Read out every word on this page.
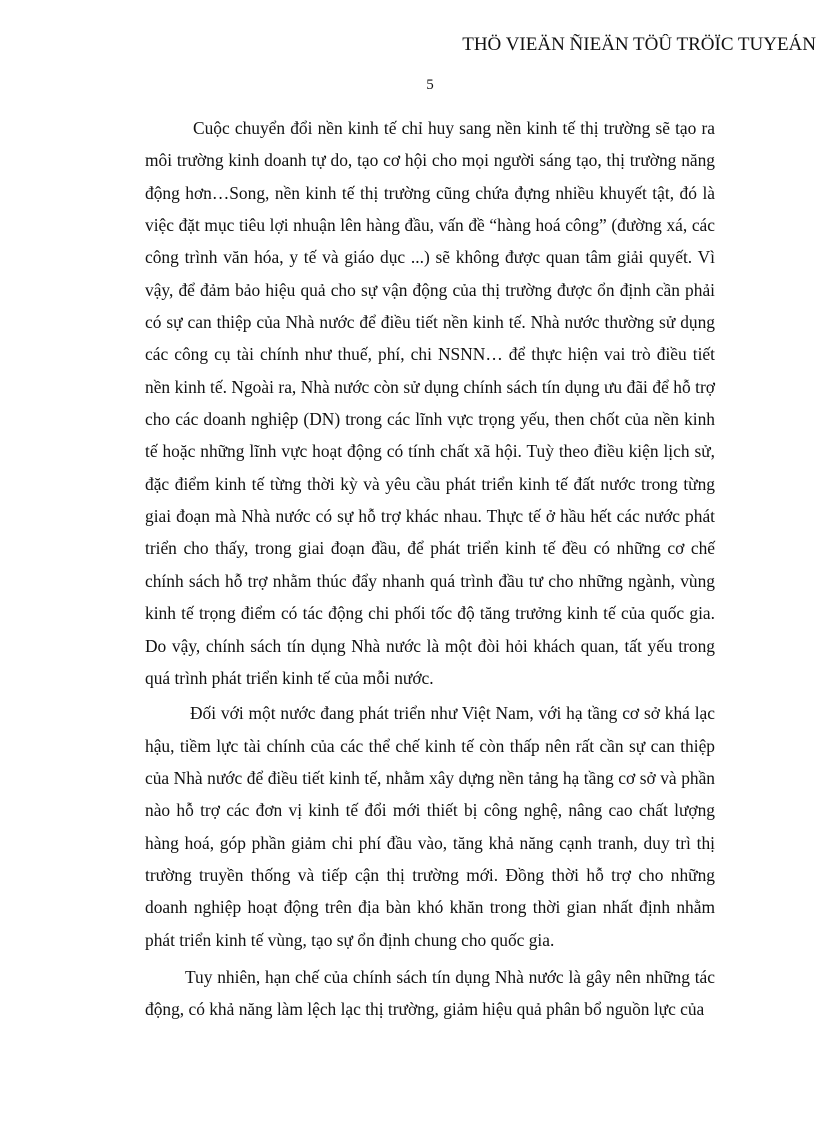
THÖ VIEÄN ÑIEÄN TÖÛ TRÖÏC TUYEÁN
5

Cuộc chuyển đổi nền kinh tế chỉ huy sang nền kinh tế thị trường sẽ tạo ra môi trường kinh doanh tự do, tạo cơ hội cho mọi người sáng tạo, thị trường năng động hơn…Song, nền kinh tế thị trường cũng chứa đựng nhiều khuyết tật, đó là việc đặt mục tiêu lợi nhuận lên hàng đầu, vấn đề “hàng hoá công” (đường xá, các công trình văn hóa, y tế và giáo dục ...) sẽ không được quan tâm giải quyết. Vì vậy, để đảm bảo hiệu quả cho sự vận động của thị trường được ổn định cần phải có sự can thiệp của Nhà nước để điều tiết nền kinh tế. Nhà nước thường sử dụng các công cụ tài chính như thuế, phí, chi NSNN… để thực hiện vai trò điều tiết nền kinh tế. Ngoài ra, Nhà nước còn sử dụng chính sách tín dụng ưu đãi để hỗ trợ cho các doanh nghiệp (DN) trong các lĩnh vực trọng yếu, then chốt của nền kinh tế hoặc những lĩnh vực hoạt động có tính chất xã hội. Tuỳ theo điều kiện lịch sử, đặc điểm kinh tế từng thời kỳ và yêu cầu phát triển kinh tế đất nước trong từng giai đoạn mà Nhà nước có sự hỗ trợ khác nhau. Thực tế ở hầu hết các nước phát triển cho thấy, trong giai đoạn đầu, để phát triển kinh tế đều có những cơ chế chính sách hỗ trợ nhằm thúc đẩy nhanh quá trình đầu tư cho những ngành, vùng kinh tế trọng điểm có tác động chi phối tốc độ tăng trưởng kinh tế của quốc gia. Do vậy, chính sách tín dụng Nhà nước là một đòi hỏi khách quan, tất yếu trong quá trình phát triển kinh tế của mỗi nước.

Đối với một nước đang phát triển như Việt Nam, với hạ tầng cơ sở khá lạc hậu, tiềm lực tài chính của các thể chế kinh tế còn thấp nên rất cần sự can thiệp của Nhà nước để điều tiết kinh tế, nhằm xây dựng nền tảng hạ tầng cơ sở và phần nào hỗ trợ các đơn vị kinh tế đổi mới thiết bị công nghệ, nâng cao chất lượng hàng hoá, góp phần giảm chi phí đầu vào, tăng khả năng cạnh tranh, duy trì thị trường truyền thống và tiếp cận thị trường mới. Đồng thời hỗ trợ cho những doanh nghiệp hoạt động trên địa bàn khó khăn trong thời gian nhất định nhằm phát triển kinh tế vùng, tạo sự ổn định chung cho quốc gia.

Tuy nhiên, hạn chế của chính sách tín dụng Nhà nước là gây nên những tác động, có khả năng làm lệch lạc thị trường, giảm hiệu quả phân bổ nguồn lực của
